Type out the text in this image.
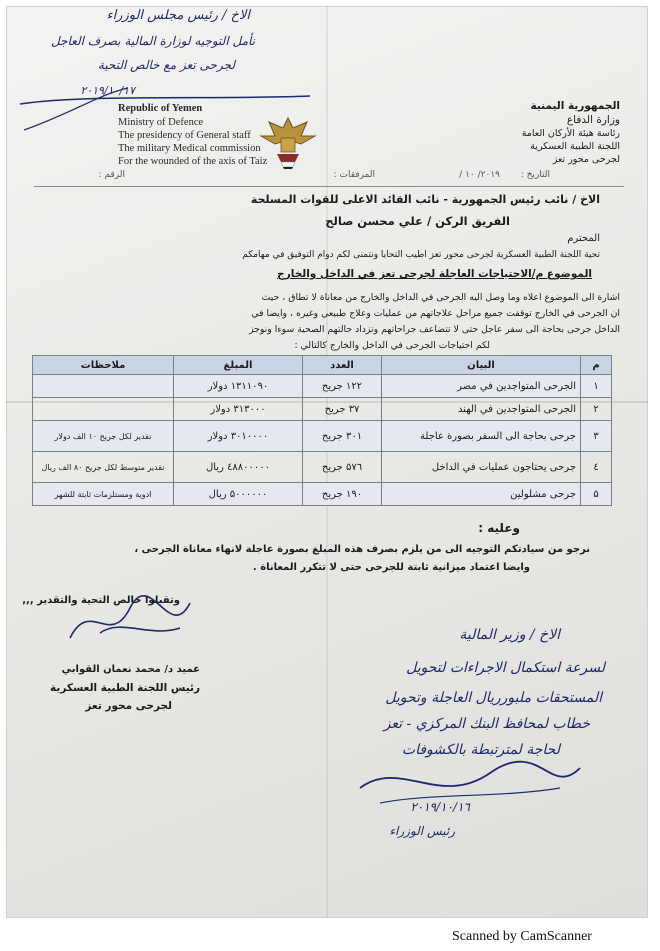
الاخ / رئيس مجلس الوزراء
نأمل التوجيه لوزارة المالية بصرف العاجل
لجرحى تعز مع خالص التحية
۲۰۱۹/۱۰/۱۷
Republic of Yemen
Ministry of Defence
The presidency of General staff
The military Medical commission
For the wounded of the axis of Taiz
الجمهورية اليمنية
وزارة الدفاع
رئاسة هيئة الأركان العامة
اللجنة الطبية العسكرية
لجرحى محور تعز
التاريخ :
۲۰۱۹/ ۱۰ /
المرفقات :
الرقم :
الاخ / نائب رئيس الجمهورية - نائب القائد الاعلى للقوات المسلحة
الفريق الركن / علي محسن صالح
المحترم
تحية اللجنة الطبية العسكرية لجرحى محور تعز اطيب التحايا ونتمنى لكم دوام التوفيق في مهامكم
الموضوع م/الاحتياجات العاجلة لجرحى تعز في الداخل والخارج
اشارة الى الموضوع اعلاه وما وصل اليه الجرحى في الداخل والخارج من معاناة لا تطاق ، حيث
ان الجرحى في الخارج توقفت جميع مراحل علاجاتهم من عمليات وعلاج طبيعي وغيره ، وايضا في
الداخل جرحى بحاجة الى سفر عاجل حتى لا تتضاعف جراحاتهم وتزداد حالتهم الصحية سوءا ونوجز
لكم احتياجات الجرحى في الداخل والخارج كالتالي :
م	البيان	العدد	المبلغ	ملاحظات
۱	الجرحى المتواجدين في مصر	۱۲۲ جريح	۱۳۱۱۰۹۰ دولار	
۲	الجرحى المتواجدين في الهند	۳۷ جريح	۳۱۳۰۰۰ دولار	
۳	جرحى بحاجة الى السفر بصورة عاجلة	۳۰۱ جريح	۳۰۱۰۰۰۰ دولار	تقدير لكل جريح ۱۰ الف دولار
٤	جرحى يحتاجون عمليات في الداخل	۵۷٦ جريح	٤۸۸۰۰۰۰۰ ريال	تقدير متوسط لكل جريح ۸۰ الف ريال
۵	جرحى مشلولين	۱۹۰ جريح	۵۰۰۰۰۰۰ ريال	ادوية ومستلزمات ثابتة للشهر
وعليه :
نرجو من سيادتكم التوجيه الى من يلزم بصرف هذه المبلغ بصورة عاجلة لانهاء معاناة الجرحى ،
وايضا اعتماد ميزانية ثابتة للجرحى حتى لا تتكرر المعاناة .
وتقبلوا خالص التحية والتقدير ,,,
عميد د/ محمد نعمان القوابي
رئيس اللجنة الطبية العسكرية
لجرحى محور تعز
الاخ / وزير المالية
لسرعة استكمال الاجراءات لتحويل
المستحقات ملبورريال العاجلة وتحويل
خطاب لمحافظ البنك المركزي - تعز
لحاجة لمترتبطة بالكشوفات
۲۰۱۹/۱۰/۱٦
رئيس الوزراء
Scanned by CamScanner
